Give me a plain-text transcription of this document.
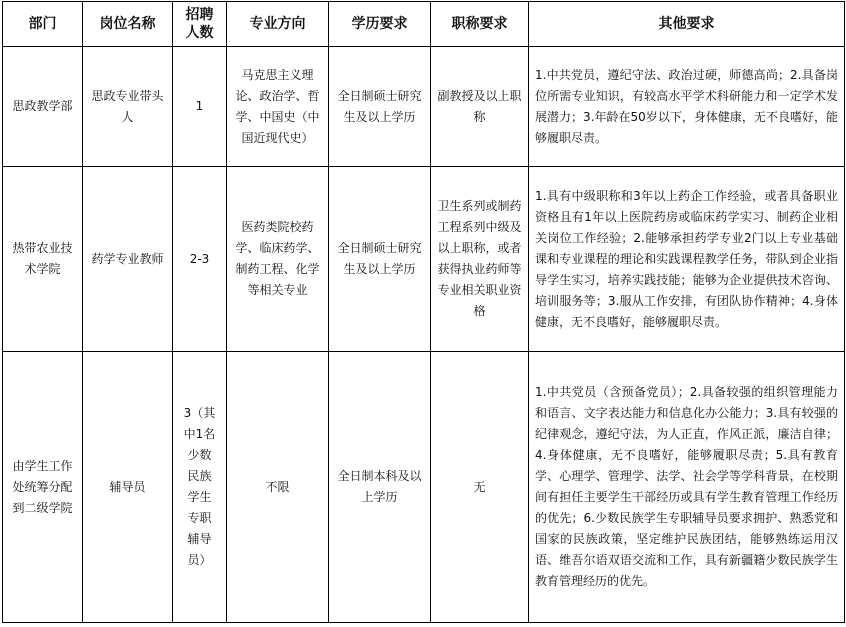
部门	岗位名称	招聘人数	专业方向	学历要求	职称要求	其他要求
思政教学部	思政专业带头人	1	马克思主义理论、政治学、哲学、中国史（中国近现代史）	全日制硕士研究生及以上学历	副教授及以上职称	1.中共党员，遵纪守法、政治过硬，师德高尚；2.具备岗位所需专业知识，有较高水平学术科研能力和一定学术发展潜力；3.年龄在50岁以下，身体健康，无不良嗜好，能够履职尽责。
热带农业技术学院	药学专业教师	2-3	医药类院校药学、临床药学、制药工程、化学等相关专业	全日制硕士研究生及以上学历	卫生系列或制药工程系列中级及以上职称，或者获得执业药师等专业相关职业资格	1.具有中级职称和3年以上药企工作经验，或者具备职业资格且有1年以上医院药房或临床药学实习、制药企业相关岗位工作经验；2.能够承担药学专业2门以上专业基础课和专业课程的理论和实践课程教学任务，带队到企业指导学生实习，培养实践技能；能够为企业提供技术咨询、培训服务等；3.服从工作安排，有团队协作精神；4.身体健康，无不良嗜好，能够履职尽责。
由学生工作处统筹分配到二级学院	辅导员	3（其中1名少数民族学生专职辅导员）	不限	全日制本科及以上学历	无	1.中共党员（含预备党员）；2.具备较强的组织管理能力和语言、文字表达能力和信息化办公能力；3.具有较强的纪律观念，遵纪守法，为人正直，作风正派，廉洁自律；4.身体健康，无不良嗜好，能够履职尽责；5.具有教育学、心理学、管理学、法学、社会学等学科背景，在校期间有担任主要学生干部经历或具有学生教育管理工作经历的优先；6.少数民族学生专职辅导员要求拥护、熟悉党和国家的民族政策，坚定维护民族团结，能够熟练运用汉语、维吾尔语双语交流和工作，具有新疆籍少数民族学生教育管理经历的优先。
